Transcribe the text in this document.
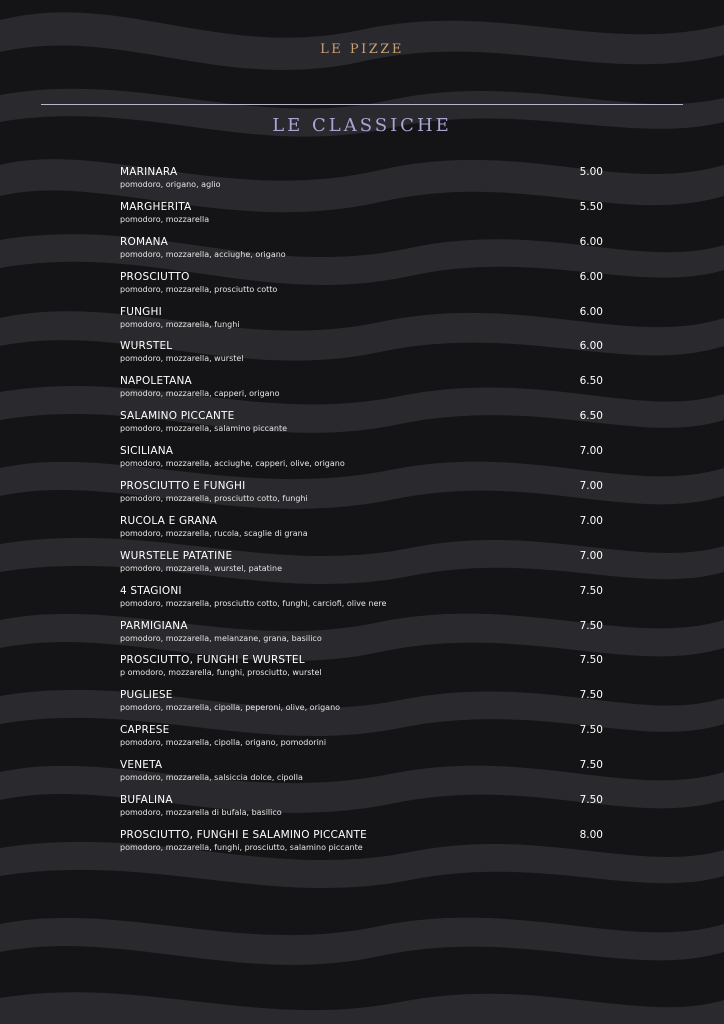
LE PIZZE
LE CLASSICHE
MARINARA
pomodoro, origano, aglio
5.00
MARGHERITA
pomodoro, mozzarella
5.50
ROMANA
pomodoro, mozzarella, acciughe, origano
6.00
PROSCIUTTO
pomodoro, mozzarella, prosciutto cotto
6.00
FUNGHI
pomodoro, mozzarella, funghi
6.00
WURSTEL
pomodoro, mozzarella, wurstel
6.00
NAPOLETANA
pomodoro, mozzarella, capperi, origano
6.50
SALAMINO PICCANTE
pomodoro, mozzarella, salamino piccante
6.50
SICILIANA
pomodoro, mozzarella, acciughe, capperi, olive, origano
7.00
PROSCIUTTO E FUNGHI
pomodoro, mozzarella, prosciutto cotto, funghi
7.00
RUCOLA E GRANA
pomodoro, mozzarella, rucola, scaglie di grana
7.00
WURSTELE PATATINE
pomodoro, mozzarella, wurstel, patatine
7.00
4 STAGIONI
pomodoro, mozzarella, prosciutto cotto, funghi, carciofi, olive nere
7.50
PARMIGIANA
pomodoro, mozzarella, melanzane, grana, basilico
7.50
PROSCIUTTO, FUNGHI E WURSTEL
p omodoro, mozzarella, funghi, prosciutto, wurstel
7.50
PUGLIESE
pomodoro, mozzarella, cipolla, peperoni, olive, origano
7.50
CAPRESE
pomodoro, mozzarella, cipolla, origano, pomodorini
7.50
VENETA
pomodoro, mozzarella, salsiccia dolce, cipolla
7.50
BUFALINA
pomodoro, mozzarella di bufala, basilico
7.50
PROSCIUTTO, FUNGHI E SALAMINO PICCANTE
pomodoro, mozzarella, funghi, prosciutto, salamino piccante
8.00
